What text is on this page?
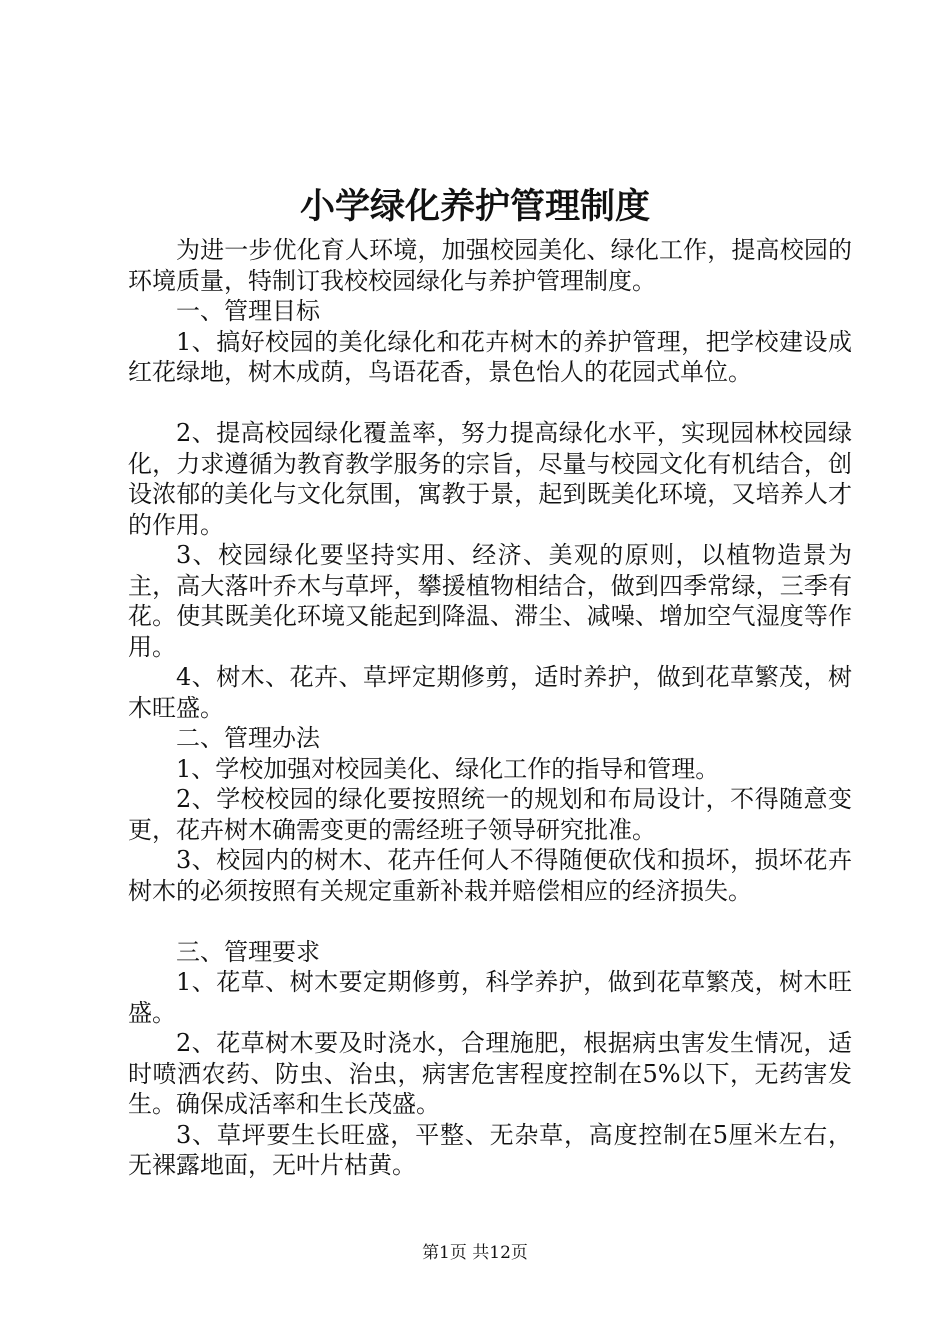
小学绿化养护管理制度

为进一步优化育人环境，加强校园美化、绿化工作，提高校园的环境质量，特制订我校校园绿化与养护管理制度。

一、管理目标

1、搞好校园的美化绿化和花卉树木的养护管理，把学校建设成红花绿地，树木成荫，鸟语花香，景色怡人的花园式单位。

2、提高校园绿化覆盖率，努力提高绿化水平，实现园林校园绿化，力求遵循为教育教学服务的宗旨，尽量与校园文化有机结合，创设浓郁的美化与文化氛围，寓教于景，起到既美化环境，又培养人才的作用。

3、校园绿化要坚持实用、经济、美观的原则，以植物造景为主，高大落叶乔木与草坪，攀援植物相结合，做到四季常绿，三季有花。使其既美化环境又能起到降温、滞尘、减噪、增加空气湿度等作用。

4、树木、花卉、草坪定期修剪，适时养护，做到花草繁茂，树木旺盛。

二、管理办法

1、学校加强对校园美化、绿化工作的指导和管理。

2、学校校园的绿化要按照统一的规划和布局设计，不得随意变更，花卉树木确需变更的需经班子领导研究批准。

3、校园内的树木、花卉任何人不得随便砍伐和损坏，损坏花卉树木的必须按照有关规定重新补栽并赔偿相应的经济损失。

三、管理要求

1、花草、树木要定期修剪，科学养护，做到花草繁茂，树木旺盛。

2、花草树木要及时浇水，合理施肥，根据病虫害发生情况，适时喷洒农药、防虫、治虫，病害危害程度控制在5%以下，无药害发生。确保成活率和生长茂盛。

3、草坪要生长旺盛，平整、无杂草，高度控制在5厘米左右，无裸露地面，无叶片枯黄。

第1页 共12页
